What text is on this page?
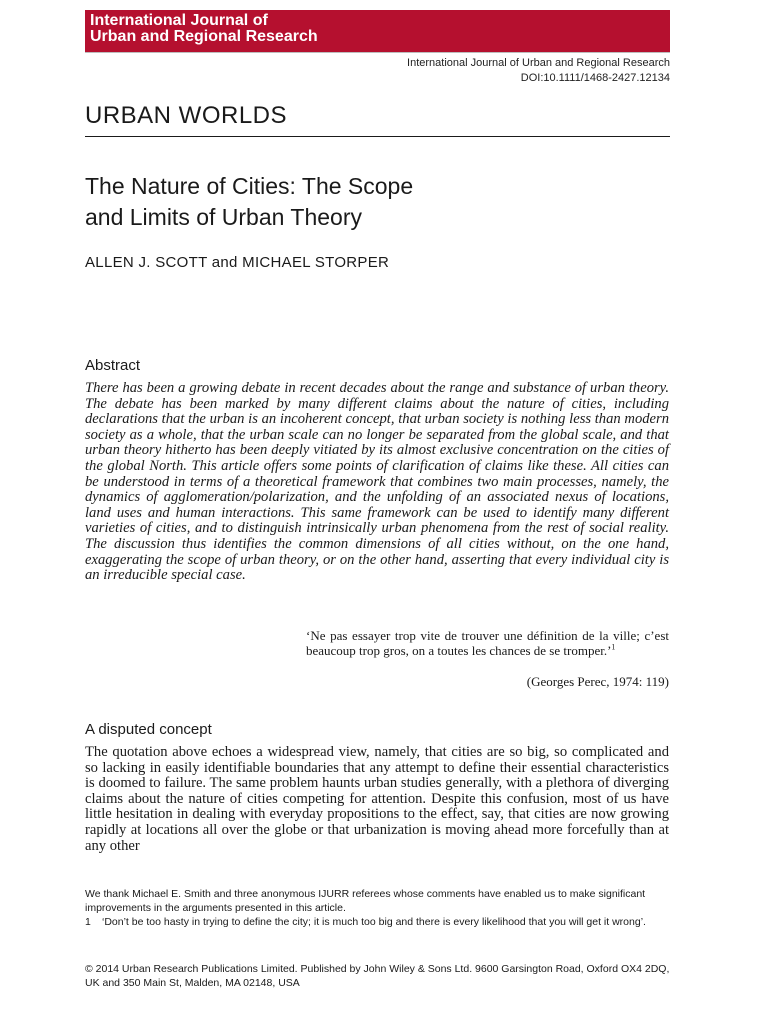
International Journal of
Urban and Regional Research
International Journal of Urban and Regional Research
DOI:10.1111/1468-2427.12134
URBAN WORLDS
The Nature of Cities: The Scope
and Limits of Urban Theory
ALLEN J. SCOTT and MICHAEL STORPER
Abstract

There has been a growing debate in recent decades about the range and substance of urban theory. The debate has been marked by many different claims about the nature of cities, including declarations that the urban is an incoherent concept, that urban society is nothing less than modern society as a whole, that the urban scale can no longer be separated from the global scale, and that urban theory hitherto has been deeply vitiated by its almost exclusive concentration on the cities of the global North. This article offers some points of clarification of claims like these. All cities can be understood in terms of a theoretical framework that combines two main processes, namely, the dynamics of agglomeration/polarization, and the unfolding of an associated nexus of locations, land uses and human interactions. This same framework can be used to identify many different varieties of cities, and to distinguish intrinsically urban phenomena from the rest of social reality. The discussion thus identifies the common dimensions of all cities without, on the one hand, exaggerating the scope of urban theory, or on the other hand, asserting that every individual city is an irreducible special case.

‘Ne pas essayer trop vite de trouver une définition de la ville; c’est beaucoup trop gros, on a toutes les chances de se tromper.’$^1$

(Georges Perec, 1974: 119)
A disputed concept

The quotation above echoes a widespread view, namely, that cities are so big, so complicated and so lacking in easily identifiable boundaries that any attempt to define their essential characteristics is doomed to failure. The same problem haunts urban studies generally, with a plethora of diverging claims about the nature of cities competing for attention. Despite this confusion, most of us have little hesitation in dealing with everyday propositions to the effect, say, that cities are now growing rapidly at locations all over the globe or that urbanization is moving ahead more forcefully than at any other

We thank Michael E. Smith and three anonymous IJURR referees whose comments have enabled us to make significant improvements in the arguments presented in this article.

1	‘Don’t be too hasty in trying to define the city; it is much too big and there is every likelihood that you will get it wrong’.

© 2014 Urban Research Publications Limited. Published by John Wiley & Sons Ltd. 9600 Garsington Road, Oxford OX4 2DQ, UK and 350 Main St, Malden, MA 02148, USA
